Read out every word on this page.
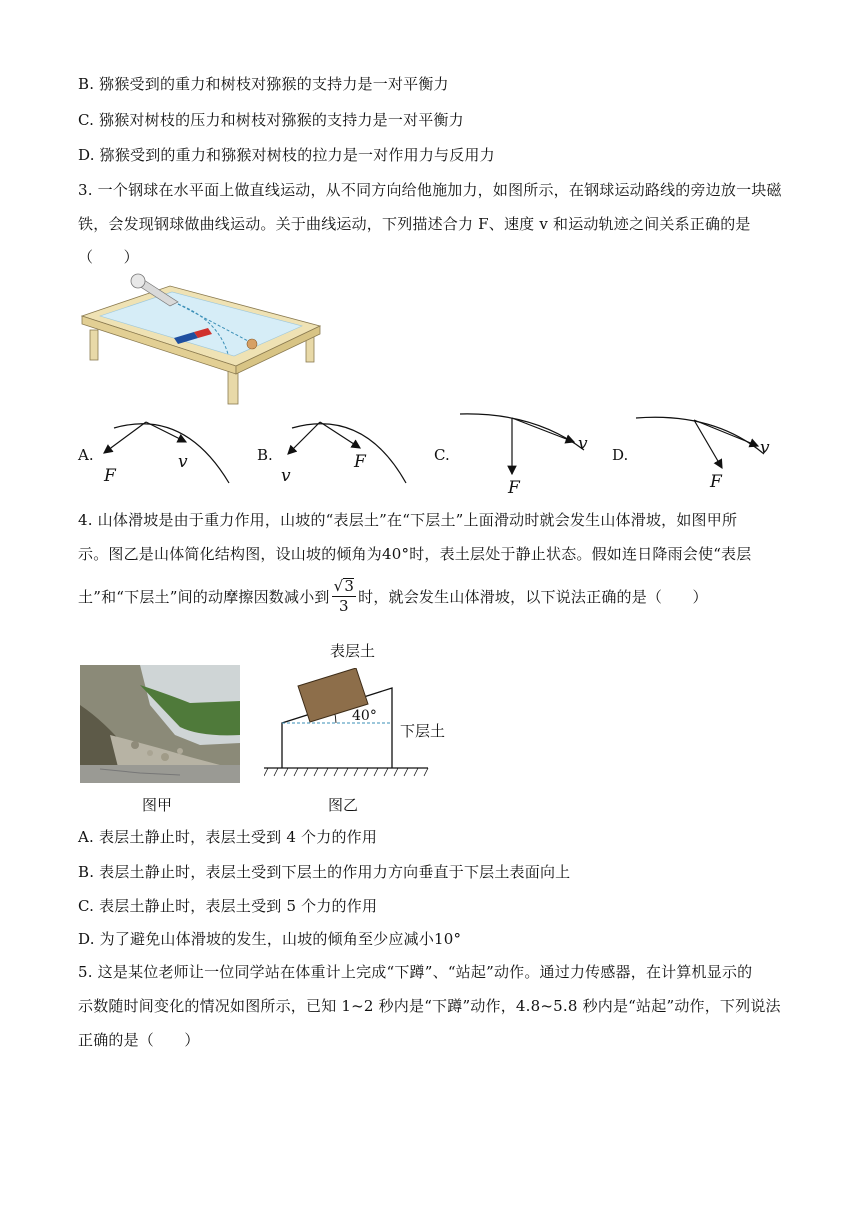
B. 猕猴受到的重力和树枝对猕猴的支持力是一对平衡力
C. 猕猴对树枝的压力和树枝对猕猴的支持力是一对平衡力
D. 猕猴受到的重力和猕猴对树枝的拉力是一对作用力与反用力
3. 一个钢球在水平面上做直线运动，从不同方向给他施加力，如图所示，在钢球运动路线的旁边放一块磁
铁，会发现钢球做曲线运动。关于曲线运动，下列描述合力 F、速度 v 和运动轨迹之间关系正确的是
（　　）
A.
F
v	B.	F
v
C.
F
v
D.
F
v
4. 山体滑坡是由于重力作用，山坡的“表层土”在“下层土”上面滑动时就会发生山体滑坡，如图甲所
示。图乙是山体简化结构图，设山坡的倾角为40°时，表土层处于静止状态。假如连日降雨会使“表层
土”和“下层土”间的动摩擦因数减小到 $\frac{√3}{3}$ 时，就会发生山体滑坡，以下说法正确的是（　　）
图甲
表层土
40°
下层土
图乙
A. 表层土静止时，表层土受到 4 个力的作用
B. 表层土静止时，表层土受到下层土的作用力方向垂直于下层土表面向上
C. 表层土静止时，表层土受到 5 个力的作用
D. 为了避免山体滑坡的发生，山坡的倾角至少应减小10°
5. 这是某位老师让一位同学站在体重计上完成“下蹲”、“站起”动作。通过力传感器，在计算机显示的
示数随时间变化的情况如图所示，已知 1~2 秒内是“下蹲”动作，4.8~5.8 秒内是“站起”动作，下列说法
正确的是（　　）
